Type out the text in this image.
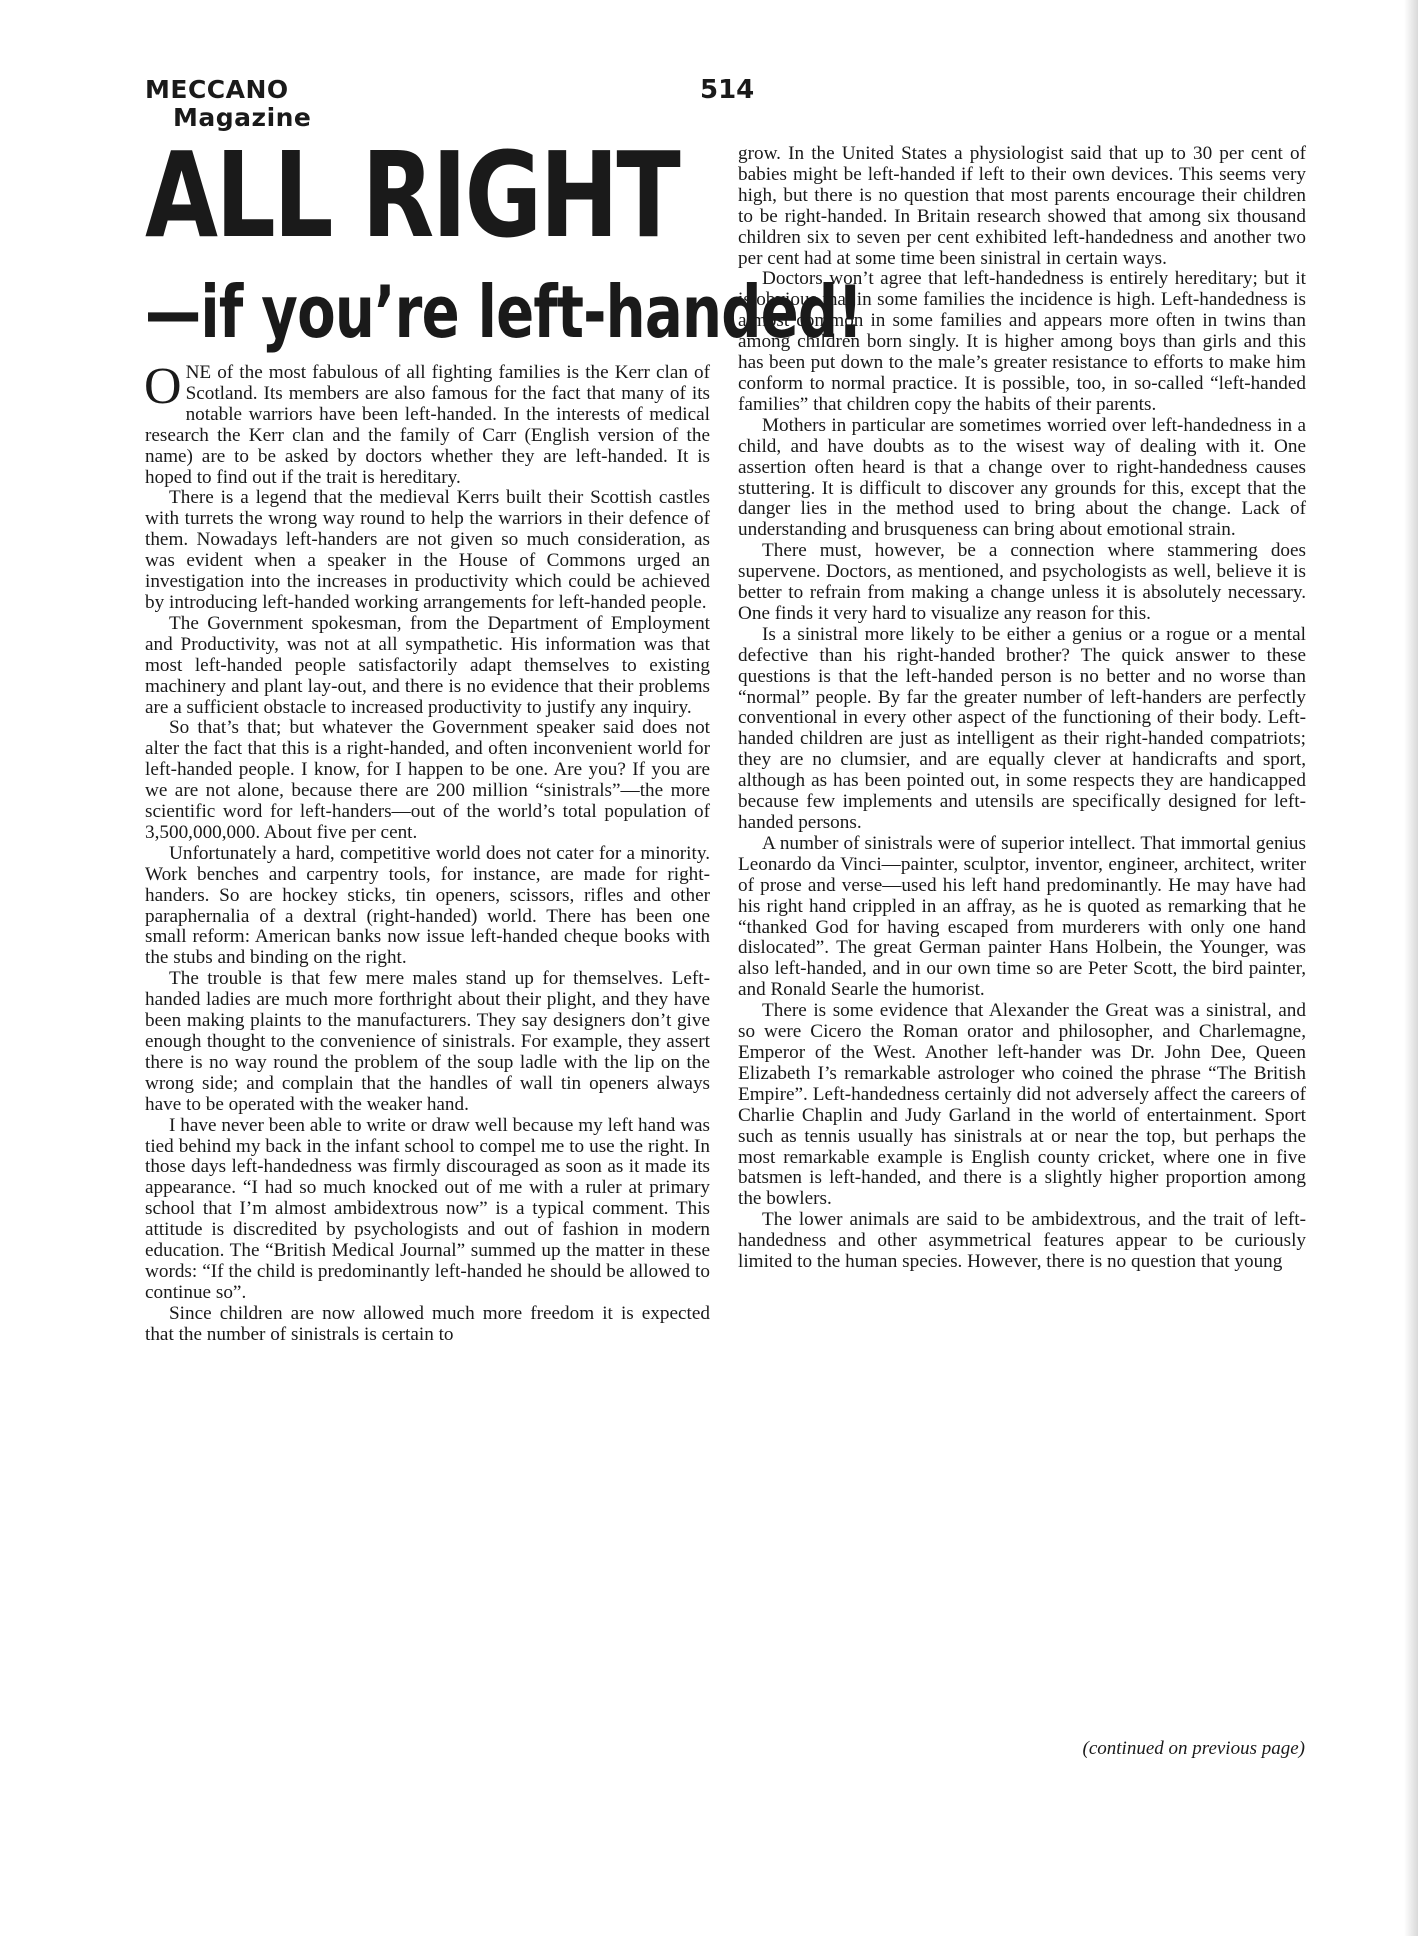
MECCANO
Magazine
514
ALL RIGHT
—if you’re left-handed!

ONE of the most fabulous of all fighting families is the Kerr clan of Scotland. Its members are also famous for the fact that many of its notable warriors have been left-handed. In the interests of medical research the Kerr clan and the family of Carr (English version of the name) are to be asked by doctors whether they are left-handed. It is hoped to find out if the trait is hereditary.

There is a legend that the medieval Kerrs built their Scottish castles with turrets the wrong way round to help the warriors in their defence of them. Nowadays left-handers are not given so much consideration, as was evident when a speaker in the House of Commons urged an investigation into the increases in productivity which could be achieved by introducing left-handed working arrangements for left-handed people.

The Government spokesman, from the Department of Employment and Productivity, was not at all sympathetic. His information was that most left-handed people satisfactorily adapt themselves to existing machinery and plant lay-out, and there is no evidence that their problems are a sufficient obstacle to increased productivity to justify any inquiry.

So that’s that; but whatever the Government speaker said does not alter the fact that this is a right-handed, and often inconvenient world for left-handed people. I know, for I happen to be one. Are you? If you are we are not alone, because there are 200 million “sinistrals”—the more scientific word for left-handers—out of the world’s total population of 3,500,000,000. About five per cent.

Unfortunately a hard, competitive world does not cater for a minority. Work benches and carpentry tools, for instance, are made for right-handers. So are hockey sticks, tin openers, scissors, rifles and other paraphernalia of a dextral (right-handed) world. There has been one small reform: American banks now issue left-handed cheque books with the stubs and binding on the right.

The trouble is that few mere males stand up for themselves. Left-handed ladies are much more forthright about their plight, and they have been making plaints to the manufacturers. They say designers don’t give enough thought to the convenience of sinistrals. For example, they assert there is no way round the problem of the soup ladle with the lip on the wrong side; and complain that the handles of wall tin openers always have to be operated with the weaker hand.

I have never been able to write or draw well because my left hand was tied behind my back in the infant school to compel me to use the right. In those days left-handedness was firmly discouraged as soon as it made its appearance. “I had so much knocked out of me with a ruler at primary school that I’m almost ambidextrous now” is a typical comment. This attitude is discredited by psychologists and out of fashion in modern education. The “British Medical Journal” summed up the matter in these words: “If the child is predominantly left-handed he should be allowed to continue so”.

Since children are now allowed much more freedom it is expected that the number of sinistrals is certain to

grow. In the United States a physiologist said that up to 30 per cent of babies might be left-handed if left to their own devices. This seems very high, but there is no question that most parents encourage their children to be right-handed. In Britain research showed that among six thousand children six to seven per cent exhibited left-handedness and another two per cent had at some time been sinistral in certain ways.

Doctors won’t agree that left-handedness is entirely hereditary; but it is obvious that in some families the incidence is high. Left-handedness is almost common in some families and appears more often in twins than among children born singly. It is higher among boys than girls and this has been put down to the male’s greater resistance to efforts to make him conform to normal practice. It is possible, too, in so-called “left-handed families” that children copy the habits of their parents.

Mothers in particular are sometimes worried over left-handedness in a child, and have doubts as to the wisest way of dealing with it. One assertion often heard is that a change over to right-handedness causes stuttering. It is difficult to discover any grounds for this, except that the danger lies in the method used to bring about the change. Lack of understanding and brusqueness can bring about emotional strain.

There must, however, be a connection where stammering does supervene. Doctors, as mentioned, and psychologists as well, believe it is better to refrain from making a change unless it is absolutely necessary. One finds it very hard to visualize any reason for this.

Is a sinistral more likely to be either a genius or a rogue or a mental defective than his right-handed brother? The quick answer to these questions is that the left-handed person is no better and no worse than “normal” people. By far the greater number of left-handers are perfectly conventional in every other aspect of the functioning of their body. Left-handed children are just as intelligent as their right-handed compatriots; they are no clumsier, and are equally clever at handicrafts and sport, although as has been pointed out, in some respects they are handicapped because few implements and utensils are specifically designed for left-handed persons.

A number of sinistrals were of superior intellect. That immortal genius Leonardo da Vinci—painter, sculptor, inventor, engineer, architect, writer of prose and verse—used his left hand predominantly. He may have had his right hand crippled in an affray, as he is quoted as remarking that he “thanked God for having escaped from murderers with only one hand dislocated”. The great German painter Hans Holbein, the Younger, was also left-handed, and in our own time so are Peter Scott, the bird painter, and Ronald Searle the humorist.

There is some evidence that Alexander the Great was a sinistral, and so were Cicero the Roman orator and philosopher, and Charlemagne, Emperor of the West. Another left-hander was Dr. John Dee, Queen Elizabeth I’s remarkable astrologer who coined the phrase “The British Empire”. Left-handedness certainly did not adversely affect the careers of Charlie Chaplin and Judy Garland in the world of entertainment. Sport such as tennis usually has sinistrals at or near the top, but perhaps the most remarkable example is English county cricket, where one in five batsmen is left-handed, and there is a slightly higher proportion among the bowlers.

The lower animals are said to be ambidextrous, and the trait of left-handedness and other asymmetrical features appear to be curiously limited to the human species. However, there is no question that young

(continued on previous page)
